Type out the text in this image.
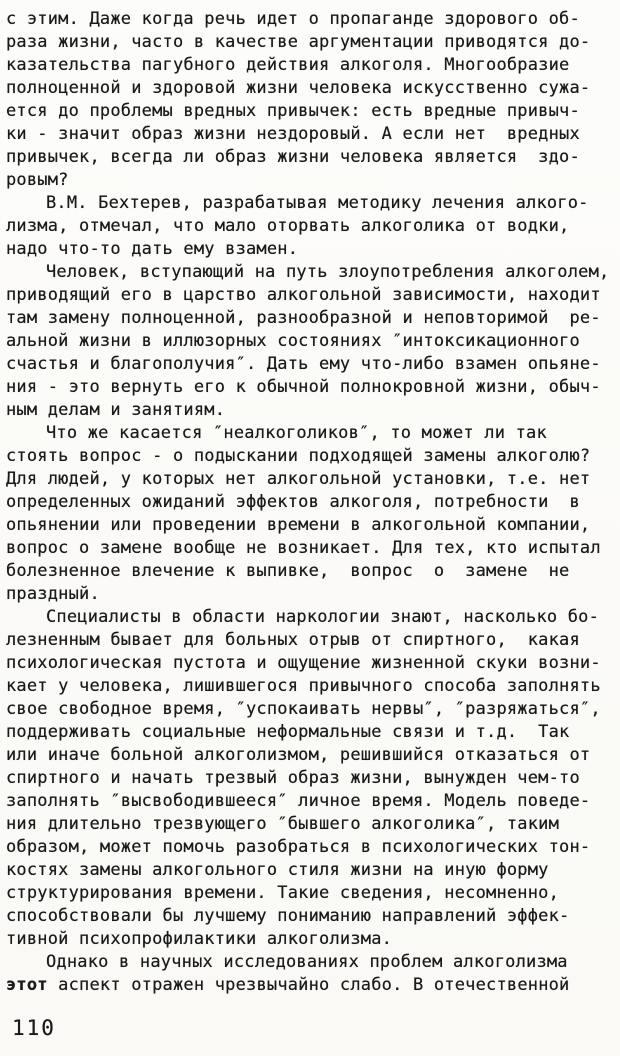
с этим. Даже когда речь идет о пропаганде здорового об-
раза жизни, часто в качестве аргументации приводятся до-
казательства пагубного действия алкоголя. Многообразие
полноценной и здоровой жизни человека искусственно сужа-
ется до проблемы вредных привычек: есть вредные привыч-
ки - значит образ жизни нездоровый. А если нет  вредных
привычек, всегда ли образ жизни человека является  здо-
ровым?

В.М. Бехтерев, разрабатывая методику лечения алкого-
лизма, отмечал, что мало оторвать алкоголика от водки,
надо что-то дать ему взамен.

Человек, вступающий на путь злоупотребления алкоголем,
приводящий его в царство алкогольной зависимости, находит
там замену полноценной, разнообразной и неповторимой  ре-
альной жизни в иллюзорных состояниях ″интоксикационного
счастья и благополучия″. Дать ему что-либо взамен опьяне-
ния - это вернуть его к обычной полнокровной жизни, обыч-
ным делам и занятиям.

Что же касается ″неалкоголиков″, то может ли так
стоять вопрос - о подыскании подходящей замены алкоголю?
Для людей, у которых нет алкогольной установки, т.е. нет
определенных ожиданий эффектов алкоголя, потребности  в
опьянении или проведении времени в алкогольной компании,
вопрос о замене вообще не возникает. Для тех, кто испытал
болезненное влечение к выпивке,  вопрос  о  замене  не
праздный.

Специалисты в области наркологии знают, насколько бо-
лезненным бывает для больных отрыв от спиртного,  какая
психологическая пустота и ощущение жизненной скуки возни-
кает у человека, лишившегося привычного способа заполнять
свое свободное время, ″успокаивать нервы″, ″разряжаться″,
поддерживать социальные неформальные связи и т.д.  Так
или иначе больной алкоголизмом, решившийся отказаться от
спиртного и начать трезвый образ жизни, вынужден чем-то
заполнять ″высвободившееся″ личное время. Модель поведе-
ния длительно трезвующего ″бывшего алкоголика″, таким
образом, может помочь разобраться в психологических тон-
костях замены алкогольного стиля жизни на иную форму
структурирования времени. Такие сведения, несомненно,
способствовали бы лучшему пониманию направлений эффек-
тивной психопрофилактики алкоголизма.

Однако в научных исследованиях проблем алкоголизма
этот аспект отражен чрезвычайно слабо. В отечественной

110
